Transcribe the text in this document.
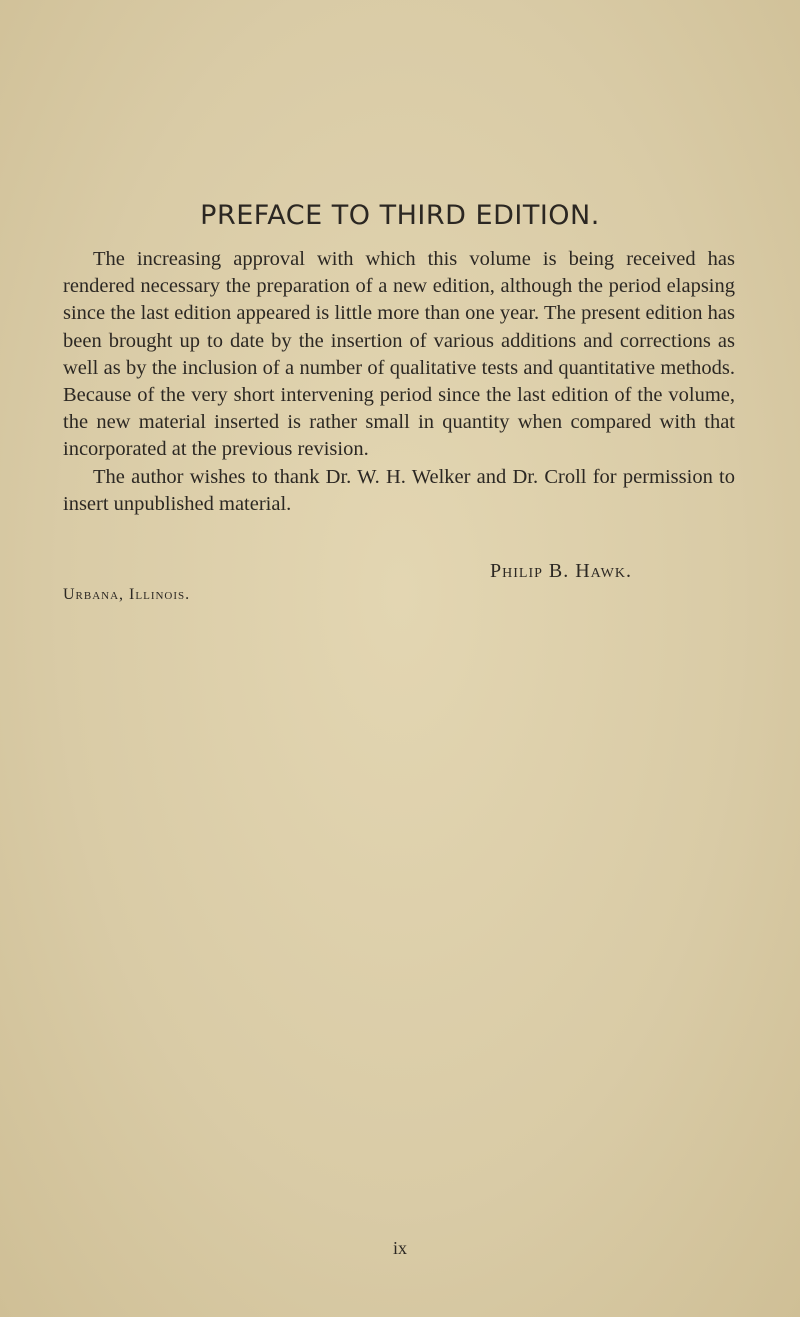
PREFACE TO THIRD EDITION.

The increasing approval with which this volume is being received has rendered necessary the preparation of a new edition, although the period elapsing since the last edition appeared is little more than one year. The present edition has been brought up to date by the insertion of various additions and corrections as well as by the inclusion of a number of qualitative tests and quantitative methods. Because of the very short intervening period since the last edition of the volume, the new material inserted is rather small in quantity when compared with that incorporated at the previous revision.

The author wishes to thank Dr. W. H. Welker and Dr. Croll for permission to insert unpublished material.

Philip B. Hawk.
Urbana, Illinois.
ix
